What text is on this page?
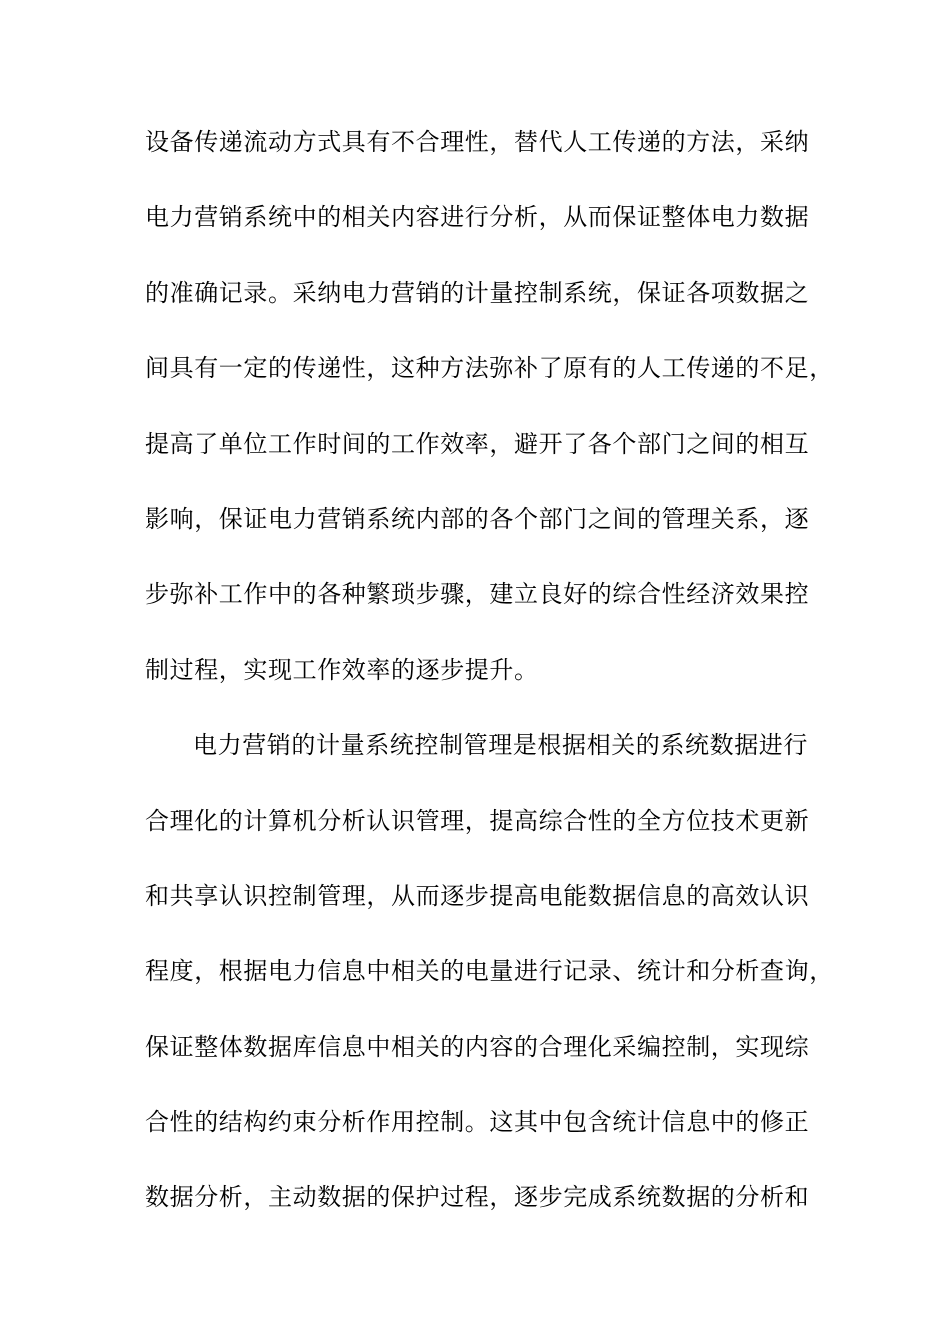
设备传递流动方式具有不合理性，替代人工传递的方法，采纳
电力营销系统中的相关内容进行分析，从而保证整体电力数据
的准确记录。采纳电力营销的计量控制系统，保证各项数据之
间具有一定的传递性，这种方法弥补了原有的人工传递的不足，
提高了单位工作时间的工作效率，避开了各个部门之间的相互
影响，保证电力营销系统内部的各个部门之间的管理关系，逐
步弥补工作中的各种繁琐步骤，建立良好的综合性经济效果控
制过程，实现工作效率的逐步提升。
电力营销的计量系统控制管理是根据相关的系统数据进行
合理化的计算机分析认识管理，提高综合性的全方位技术更新
和共享认识控制管理，从而逐步提高电能数据信息的高效认识
程度，根据电力信息中相关的电量进行记录、统计和分析查询，
保证整体数据库信息中相关的内容的合理化采编控制，实现综
合性的结构约束分析作用控制。这其中包含统计信息中的修正
数据分析，主动数据的保护过程，逐步完成系统数据的分析和
